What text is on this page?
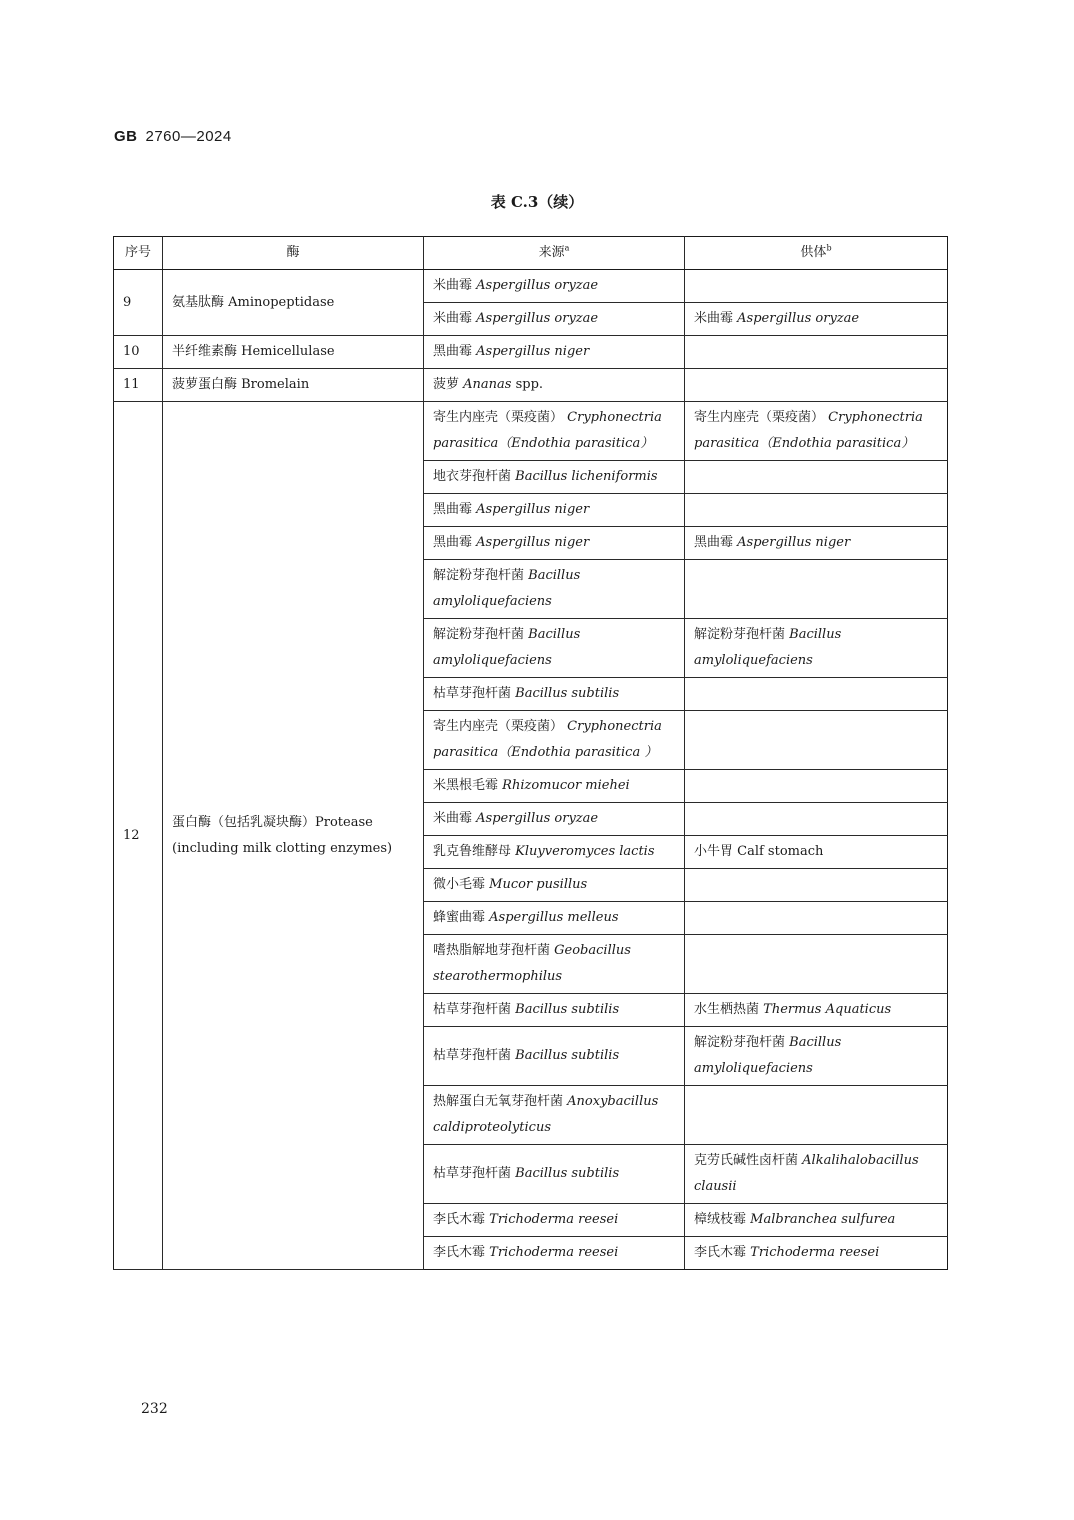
GB 2760—2024
表 C.3（续）
序号	酶	来源$^a$	供体$^b$
9	氨基肽酶 Aminopeptidase	米曲霉 Aspergillus oryzae	
		米曲霉 Aspergillus oryzae	米曲霉 Aspergillus oryzae
10	半纤维素酶 Hemicellulase	黑曲霉 Aspergillus niger	
11	菠萝蛋白酶 Bromelain	菠萝 Ananas spp.	
12	蛋白酶（包括乳凝块酶）Protease (including milk clotting enzymes)	寄生内座壳（栗疫菌） Cryphonectria parasitica（Endothia parasitica）	寄生内座壳（栗疫菌） Cryphonectria parasitica（Endothia parasitica）
		地衣芽孢杆菌 Bacillus licheniformis	
		黑曲霉 Aspergillus niger	
		黑曲霉 Aspergillus niger	黑曲霉 Aspergillus niger
		解淀粉芽孢杆菌 Bacillus amyloliquefaciens	
		解淀粉芽孢杆菌 Bacillus amyloliquefaciens	解淀粉芽孢杆菌 Bacillus amyloliquefaciens
		枯草芽孢杆菌 Bacillus subtilis	
		寄生内座壳（栗疫菌） Cryphonectria parasitica（Endothia parasitica ）	
		米黑根毛霉 Rhizomucor miehei	
		米曲霉 Aspergillus oryzae	
		乳克鲁维酵母 Kluyveromyces lactis	小牛胃 Calf stomach
		微小毛霉 Mucor pusillus	
		蜂蜜曲霉 Aspergillus melleus	
		嗜热脂解地芽孢杆菌 Geobacillus stearothermophilus	
		枯草芽孢杆菌 Bacillus subtilis	水生栖热菌 Thermus Aquaticus
		枯草芽孢杆菌 Bacillus subtilis	解淀粉芽孢杆菌 Bacillus amyloliquefaciens
		热解蛋白无氧芽孢杆菌 Anoxybacillus caldiproteolyticus	
		枯草芽孢杆菌 Bacillus subtilis	克劳氏碱性卤杆菌 Alkalihalobacillus clausii
		李氏木霉 Trichoderma reesei	樟绒枝霉 Malbranchea sulfurea
		李氏木霉 Trichoderma reesei	李氏木霉 Trichoderma reesei
232
